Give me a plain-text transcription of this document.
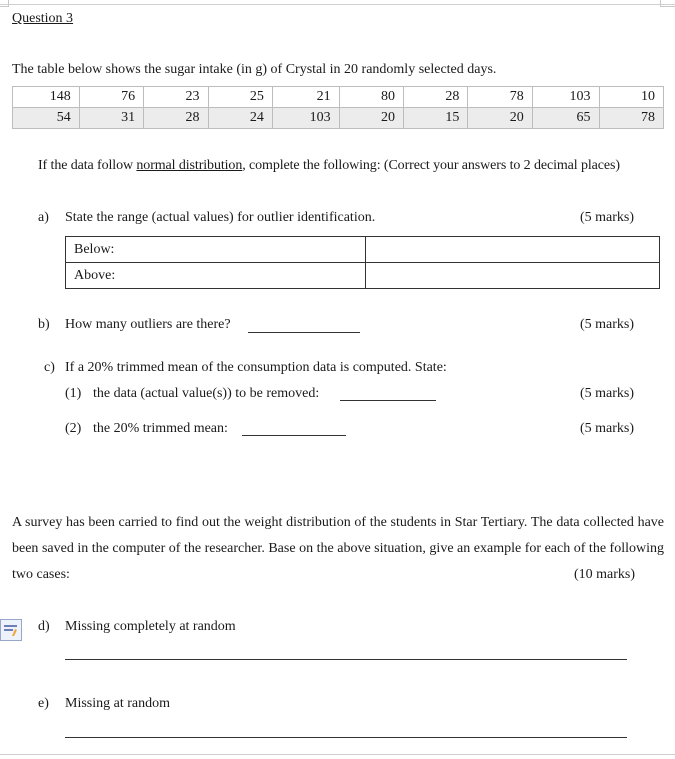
Question 3
The table below shows the sugar intake (in g) of Crystal in 20 randomly selected days.
148	76	23	25	21	80	28	78	103	10
54	31	28	24	103	20	15	20	65	78
If the data follow normal distribution, complete the following: (Correct your answers to 2 decimal places)
a) State the range (actual values) for outlier identification.	(5 marks)
Below:	
Above:	
b) How many outliers are there?	(5 marks)
c) If a 20% trimmed mean of the consumption data is computed. State:
(1) the data (actual value(s)) to be removed:	(5 marks)
(2) the 20% trimmed mean:	(5 marks)
A survey has been carried to find out the weight distribution of the students in Star Tertiary. The data collected have been saved in the computer of the researcher. Base on the above situation, give an example for each of the following two cases:	(10 marks)
d) Missing completely at random
e) Missing at random
